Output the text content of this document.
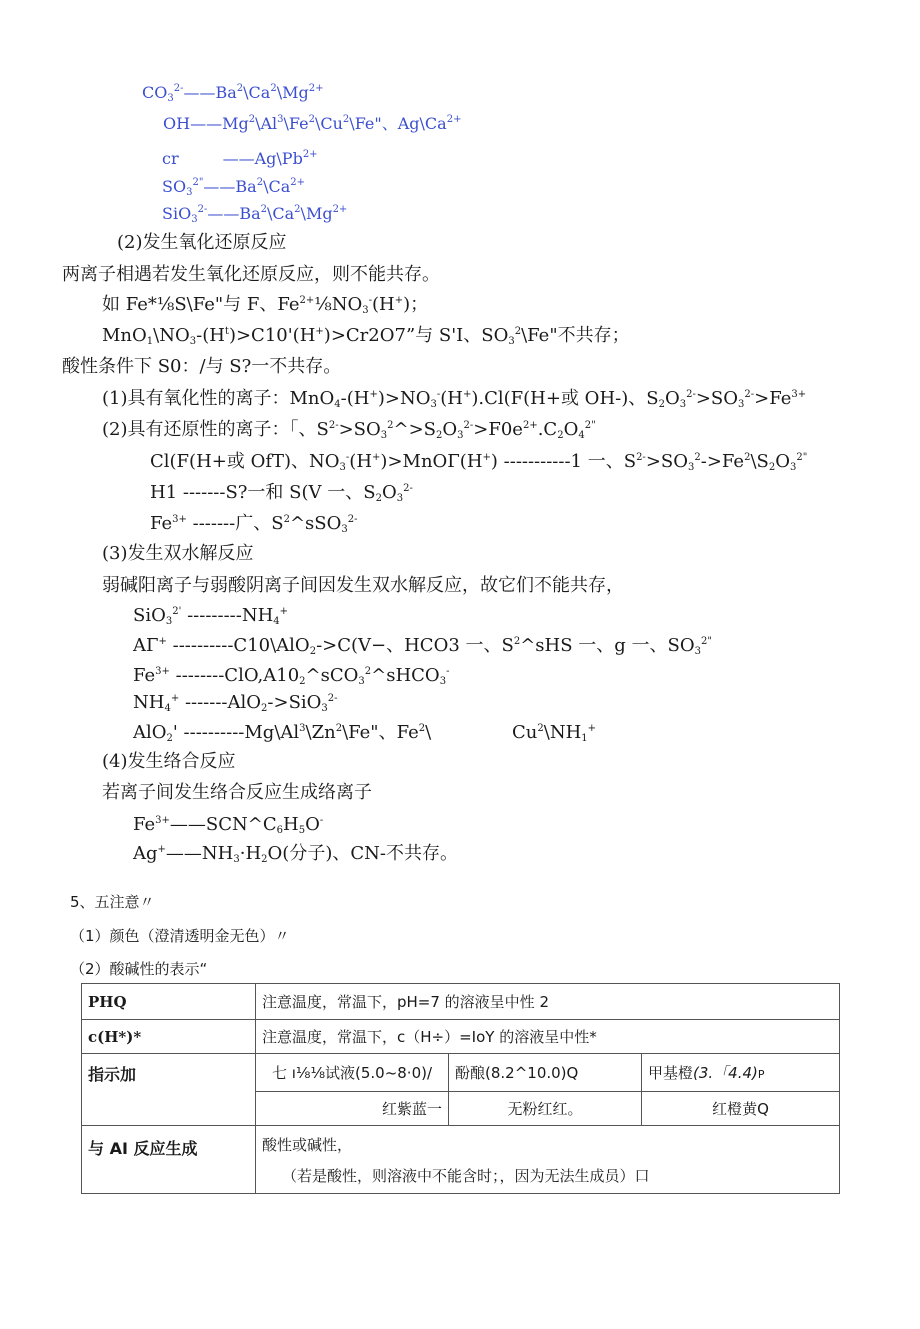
$CO_3^{2-}——Ba^2\backslash Ca^2\backslash Mg^{2+}$
OH——Mg$^2$\Al$^3$\Fe$^2$\Cu$^2$\Fe"、$Ag\backslash Ca^{2+}$
cr	$——Ag\backslash Pb^{2+}$
$SO_3^{2"}——Ba^2\backslash Ca^{2+}$
$SiO_3^{2-}——Ba^2\backslash Ca^2\backslash Mg^{2+}$
(2)发生氧化还原反应
两离子相遇若发生氧化还原反应，则不能共存。
如 Fe*⅛S\Fe"与 F、$Fe^{2+}\frac{1}{8}NO_3^-(H^+)$；
$MnO_1\backslash NO_3-(H^t)>C10'(H^+)>Cr2O7$”与 S'I、$SO_3^2\backslash Fe$"不共存；
酸性条件下 S0：/与 S?一不共存。
(1)具有氧化性的离子：$MnO_4-(H^+)>NO_3^-(H^+).Cl(F(H+$或 OH-)、$S_2O_3^{2-}>SO_3^{2-}>Fe^{3+}$
(2)具有还原性的离子：「、$S^{2-}>SO_3^2\^{}>S_2O_3^{2-}>F0e^{2+}.C_2O_4^{2"}$
Cl(F(H+或 OfT)、$NO_3^-(H^+)>MnO\Gamma(H^+)$ -----------1 一、$S^{2-}>SO_3^2->Fe^2\backslash S_2O_3^{2"}$
H1 -------S?一和 S(V 一、$S_2O_3^{2-}$
$Fe^{3+}$ -------广、$S^2\^{}sSO_3^{2-}$
(3)发生双水解反应
弱碱阳离子与弱酸阴离子间因发生双水解反应，故它们不能共存，
SiO$_3^{2'}$ $---------NH_4^+$
AΓ+ ----------C10\AlO$_2$->C(V−、HCO3 一、$S^2\^{}sHS$ 一、g 一、$SO_3^{2"}$
$Fe^{3+}$ $--------ClO,A10_2\^{}sCO_3^2\^{}sHCO_3^-$
$NH_4^+$ -------AlO$_2$->SiO$_3^{2-}$
AlO$_2$' ----------Mg\Al$^3$\Zn$^2$\Fe"、Fe$^2$\	$Cu^2\backslash NH_1^+$
(4)发生络合反应
若离子间发生络合反应生成络离子
$Fe^{3+}——SCN\^{}C_6H_5O^-$
$Ag^+——NH_3\cdot H_2O$(分子)、CN-不共存。
5、五注意〃
（1）颜色（澄清透明金无色）〃
（2）酸碱性的表示“
PHQ	注意温度，常温下，pH=7 的溶液呈中性 2		
c(H*)*	注意温度，常温下，c（H÷）=IoY 的溶液呈中性*		
指示加	七 ı⅛⅛试液(5.0~8·0)/	酚酿(8.2^10.0)Q	甲基橙(3.「4.4)P
	红紫蓝一	无粉红红。	红橙黄Q
与 AI 反应生成	酸性或碱性，
（若是酸性，则溶液中不能含时；，因为无法生成员）口		
